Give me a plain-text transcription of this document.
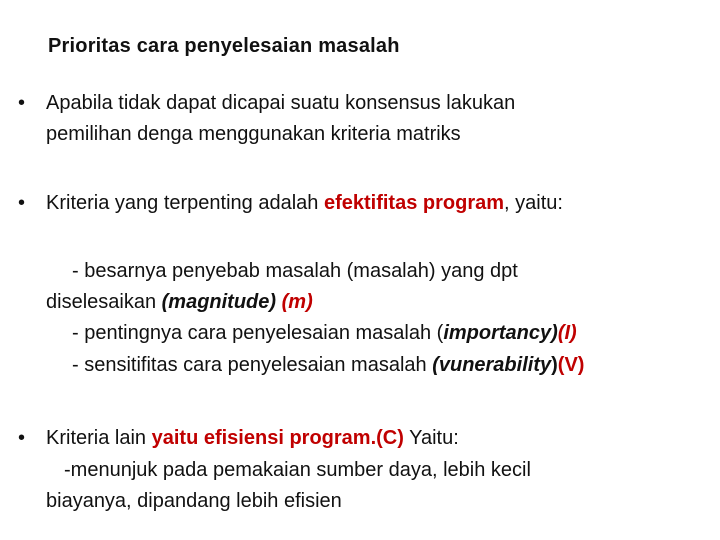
Prioritas cara penyelesaian masalah
•	Apabila tidak dapat dicapai suatu konsensus lakukan
pemilihan denga menggunakan kriteria matriks
•	Kriteria yang terpenting adalah efektifitas program, yaitu:
- besarnya penyebab masalah (masalah) yang dpt
diselesaikan (magnitude) (m)
- pentingnya cara penyelesaian masalah (importancy)(I)
- sensitifitas cara penyelesaian masalah (vunerability)(V)
•	Kriteria lain yaitu efisiensi program.(C) Yaitu:
-menunjuk pada pemakaian sumber daya, lebih kecil
biayanya, dipandang lebih efisien
